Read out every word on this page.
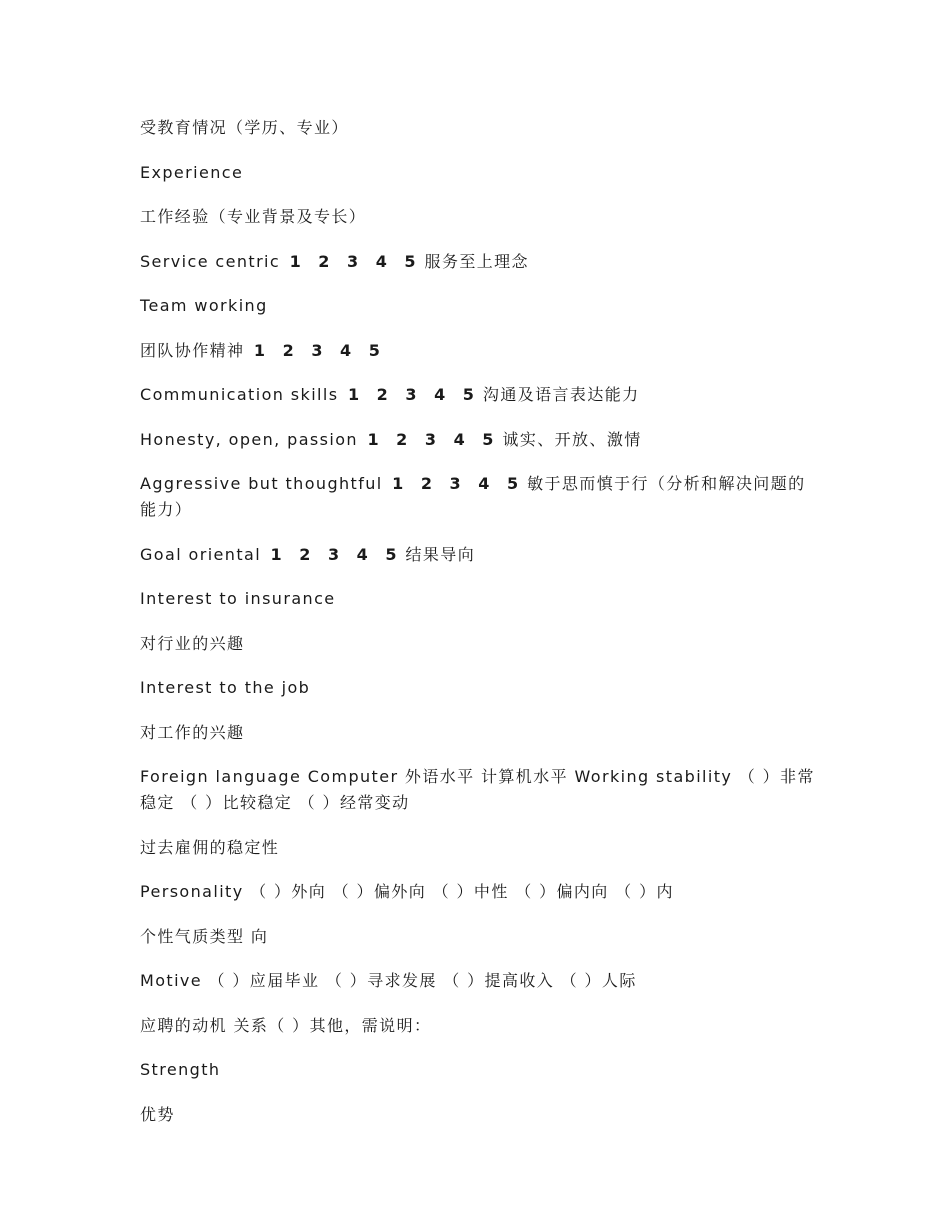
受教育情况（学历、专业）
Experience
工作经验（专业背景及专长）
Service centric 1 2 3 4 5 服务至上理念
Team working
团队协作精神 1 2 3 4 5
Communication skills 1 2 3 4 5 沟通及语言表达能力
Honesty, open, passion 1 2 3 4 5 诚实、开放、激情
Aggressive but thoughtful 1 2 3 4 5 敏于思而慎于行（分析和解决问题的能力）
Goal oriental 1 2 3 4 5 结果导向
Interest to insurance
对行业的兴趣
Interest to the job
对工作的兴趣
Foreign language Computer 外语水平 计算机水平 Working stability （ ）非常稳定 （ ）比较稳定 （ ）经常变动
过去雇佣的稳定性
Personality （ ）外向 （ ）偏外向 （ ）中性 （ ）偏内向 （ ）内
个性气质类型 向
Motive （ ）应届毕业 （ ）寻求发展 （ ）提高收入 （ ）人际
应聘的动机 关系（ ）其他，需说明：
Strength
优势
